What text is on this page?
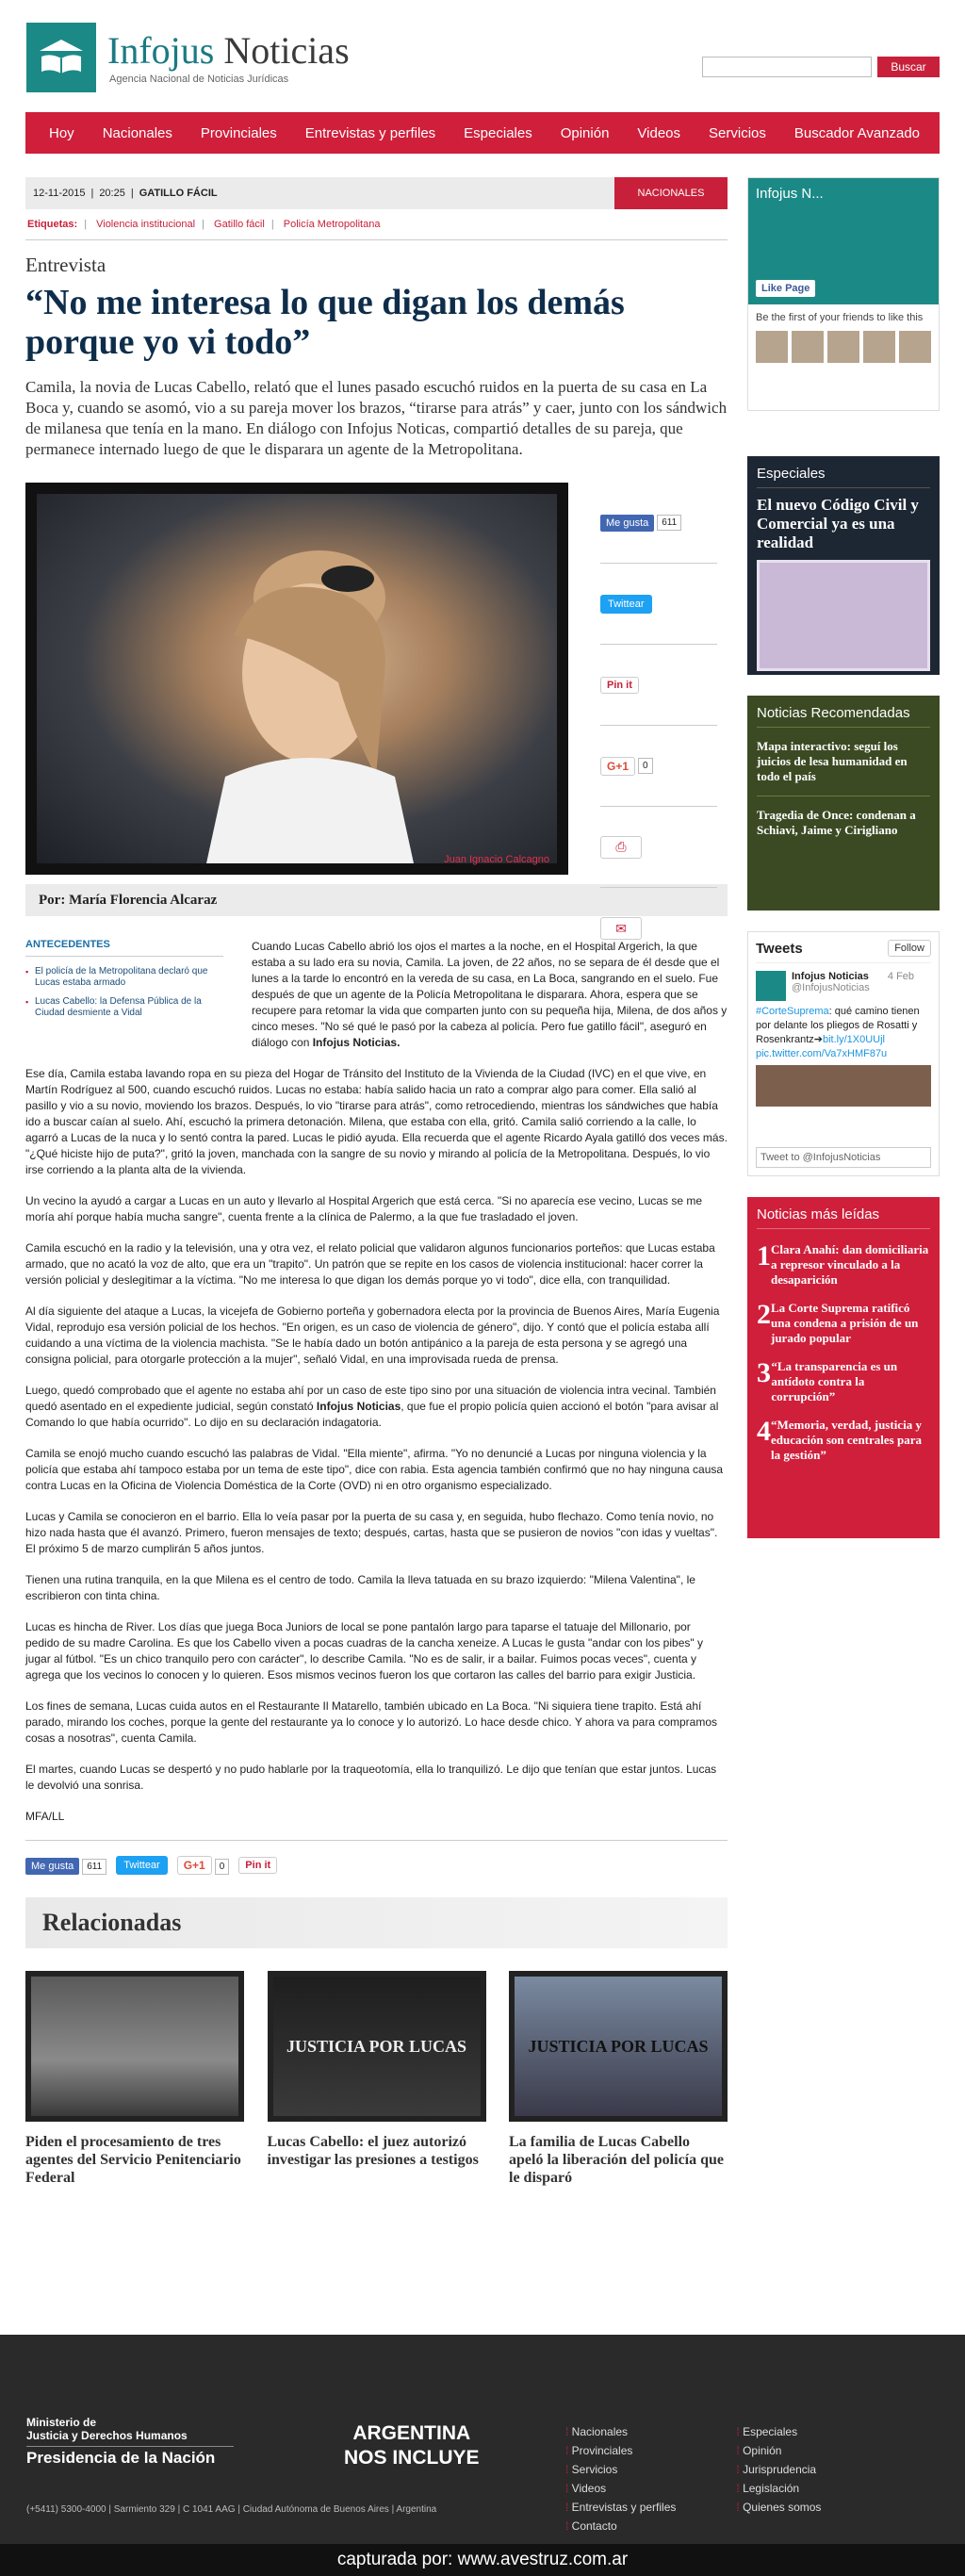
Infojus Noticias
Agencia Nacional de Noticias Jurídicas
Buscar
Hoy	Nacionales	Provinciales	Entrevistas y perfiles	Especiales	Opinión	Videos	Servicios	Buscador Avanzado
12-11-2015 | 20:25 | GATILLO FÁCIL	NACIONALES
Etiquetas: | Violencia institucional | Gatillo fácil | Policía Metropolitana
Entrevista
“No me interesa lo que digan los demás porque yo vi todo”

Camila, la novia de Lucas Cabello, relató que el lunes pasado escuchó ruidos en la puerta de su casa en La Boca y, cuando se asomó, vio a su pareja mover los brazos, “tirarse para atrás” y caer, junto con los sándwich de milanesa que tenía en la mano. En diálogo con Infojus Noticas, compartió detalles de su pareja, que permanece internado luego de que le disparara un agente de la Metropolitana.

Juan Ignacio Calcagno
Me gusta	611
Twittear
Pin it
G+1	0
⎙
✉
Por: María Florencia Alcaraz
ANTECEDENTES
▪ El policía de la Metropolitana declaró que Lucas estaba armado
▪ Lucas Cabello: la Defensa Pública de la Ciudad desmiente a Vidal

Cuando Lucas Cabello abrió los ojos el martes a la noche, en el Hospital Argerich, la que estaba a su lado era su novia, Camila. La joven, de 22 años, no se separa de él desde que el lunes a la tarde lo encontró en la vereda de su casa, en La Boca, sangrando en el suelo. Fue después de que un agente de la Policía Metropolitana le disparara. Ahora, espera que se recupere para retomar la vida que comparten junto con su pequeña hija, Milena, de dos años y cinco meses. "No sé qué le pasó por la cabeza al policía. Pero fue gatillo fácil", aseguró en diálogo con Infojus Noticias.

Ese día, Camila estaba lavando ropa en su pieza del Hogar de Tránsito del Instituto de la Vivienda de la Ciudad (IVC) en el que vive, en Martín Rodríguez al 500, cuando escuchó ruidos. Lucas no estaba: había salido hacia un rato a comprar algo para comer. Ella salió al pasillo y vio a su novio, moviendo los brazos. Después, lo vio "tirarse para atrás", como retrocediendo, mientras los sándwiches que había ido a buscar caían al suelo. Ahí, escuchó la primera detonación. Milena, que estaba con ella, gritó. Camila salió corriendo a la calle, lo agarró a Lucas de la nuca y lo sentó contra la pared. Lucas le pidió ayuda. Ella recuerda que el agente Ricardo Ayala gatilló dos veces más. "¿Qué hiciste hijo de puta?", gritó la joven, manchada con la sangre de su novio y mirando al policía de la Metropolitana. Después, lo vio irse corriendo a la planta alta de la vivienda.

Un vecino la ayudó a cargar a Lucas en un auto y llevarlo al Hospital Argerich que está cerca. "Si no aparecía ese vecino, Lucas se me moría ahí porque había mucha sangre", cuenta frente a la clínica de Palermo, a la que fue trasladado el joven.

Camila escuchó en la radio y la televisión, una y otra vez, el relato policial que validaron algunos funcionarios porteños: que Lucas estaba armado, que no acató la voz de alto, que era un "trapito". Un patrón que se repite en los casos de violencia institucional: hacer correr la versión policial y deslegitimar a la víctima. "No me interesa lo que digan los demás porque yo vi todo", dice ella, con tranquilidad.

Al día siguiente del ataque a Lucas, la vicejefa de Gobierno porteña y gobernadora electa por la provincia de Buenos Aires, María Eugenia Vidal, reprodujo esa versión policial de los hechos. "En origen, es un caso de violencia de género", dijo. Y contó que el policía estaba allí cuidando a una víctima de la violencia machista. "Se le había dado un botón antipánico a la pareja de esta persona y se agregó una consigna policial, para otorgarle protección a la mujer", señaló Vidal, en una improvisada rueda de prensa.

Luego, quedó comprobado que el agente no estaba ahí por un caso de este tipo sino por una situación de violencia intra vecinal. También quedó asentado en el expediente judicial, según constató Infojus Noticias, que fue el propio policía quien accionó el botón "para avisar al Comando lo que había ocurrido". Lo dijo en su declaración indagatoria.

Camila se enojó mucho cuando escuchó las palabras de Vidal. "Ella miente", afirma. "Yo no denuncié a Lucas por ninguna violencia y la policía que estaba ahí tampoco estaba por un tema de este tipo", dice con rabia. Esta agencia también confirmó que no hay ninguna causa contra Lucas en la Oficina de Violencia Doméstica de la Corte (OVD) ni en otro organismo especializado.

Lucas y Camila se conocieron en el barrio. Ella lo veía pasar por la puerta de su casa y, en seguida, hubo flechazo. Como tenía novio, no hizo nada hasta que él avanzó. Primero, fueron mensajes de texto; después, cartas, hasta que se pusieron de novios "con idas y vueltas". El próximo 5 de marzo cumplirán 5 años juntos.

Tienen una rutina tranquila, en la que Milena es el centro de todo. Camila la lleva tatuada en su brazo izquierdo: "Milena Valentina", le escribieron con tinta china.

Lucas es hincha de River. Los días que juega Boca Juniors de local se pone pantalón largo para taparse el tatuaje del Millonario, por pedido de su madre Carolina. Es que los Cabello viven a pocas cuadras de la cancha xeneize. A Lucas le gusta "andar con los pibes" y jugar al fútbol. "Es un chico tranquilo pero con carácter", lo describe Camila. "No es de salir, ir a bailar. Fuimos pocas veces", cuenta y agrega que los vecinos lo conocen y lo quieren. Esos mismos vecinos fueron los que cortaron las calles del barrio para exigir Justicia.

Los fines de semana, Lucas cuida autos en el Restaurante Il Matarello, también ubicado en La Boca. "Ni siquiera tiene trapito. Está ahí parado, mirando los coches, porque la gente del restaurante ya lo conoce y lo autorizó. Lo hace desde chico. Y ahora va para compramos cosas a nosotras", cuenta Camila.

El martes, cuando Lucas se despertó y no pudo hablarle por la traqueotomía, ella lo tranquilizó. Le dijo que tenían que estar juntos. Lucas le devolvió una sonrisa.

MFA/LL

Me gusta 611	Twittear	G+1 0	Pin it
Relacionadas
Piden el procesamiento de tres agentes del Servicio Penitenciario Federal
JUSTICIA POR LUCAS
Lucas Cabello: el juez autorizó investigar las presiones a testigos
JUSTICIA POR LUCAS
La familia de Lucas Cabello apeló la liberación del policía que le disparó
Infojus N...
Like Page
Be the first of your friends to like this
Especiales
El nuevo Código Civil y Comercial ya es una realidad
Noticias Recomendadas
Mapa interactivo: seguí los juicios de lesa humanidad en todo el país
Tragedia de Once: condenan a Schiavi, Jaime y Cirigliano
Tweets	Follow
Infojus Noticias 4 Feb
@InfojusNoticias
#CorteSuprema: qué camino tienen por delante los pliegos de Rosatti y Rosenkrantz➔bit.ly/1X0UUjl
pic.twitter.com/Va7xHMF87u
Tweet to @InfojusNoticias
Noticias más leídas
1 Clara Anahí: dan domiciliaria a represor vinculado a la desaparición
2 La Corte Suprema ratificó una condena a prisión de un jurado popular
3 “La transparencia es un antídoto contra la corrupción”
4 “Memoria, verdad, justicia y educación son centrales para la gestión”
Ministerio de
Justicia y Derechos Humanos
Presidencia de la Nación
ARGENTINA
NOS INCLUYE
⁞ Nacionales
⁞ Provinciales
⁞ Servicios
⁞ Videos
⁞ Entrevistas y perfiles
⁞ Contacto
⁞ Especiales
⁞ Opinión
⁞ Jurisprudencia
⁞ Legislación
⁞ Quienes somos
(+5411) 5300-4000 | Sarmiento 329 | C 1041 AAG | Ciudad Autónoma de Buenos Aires | Argentina
capturada por: www.avestruz.com.ar
